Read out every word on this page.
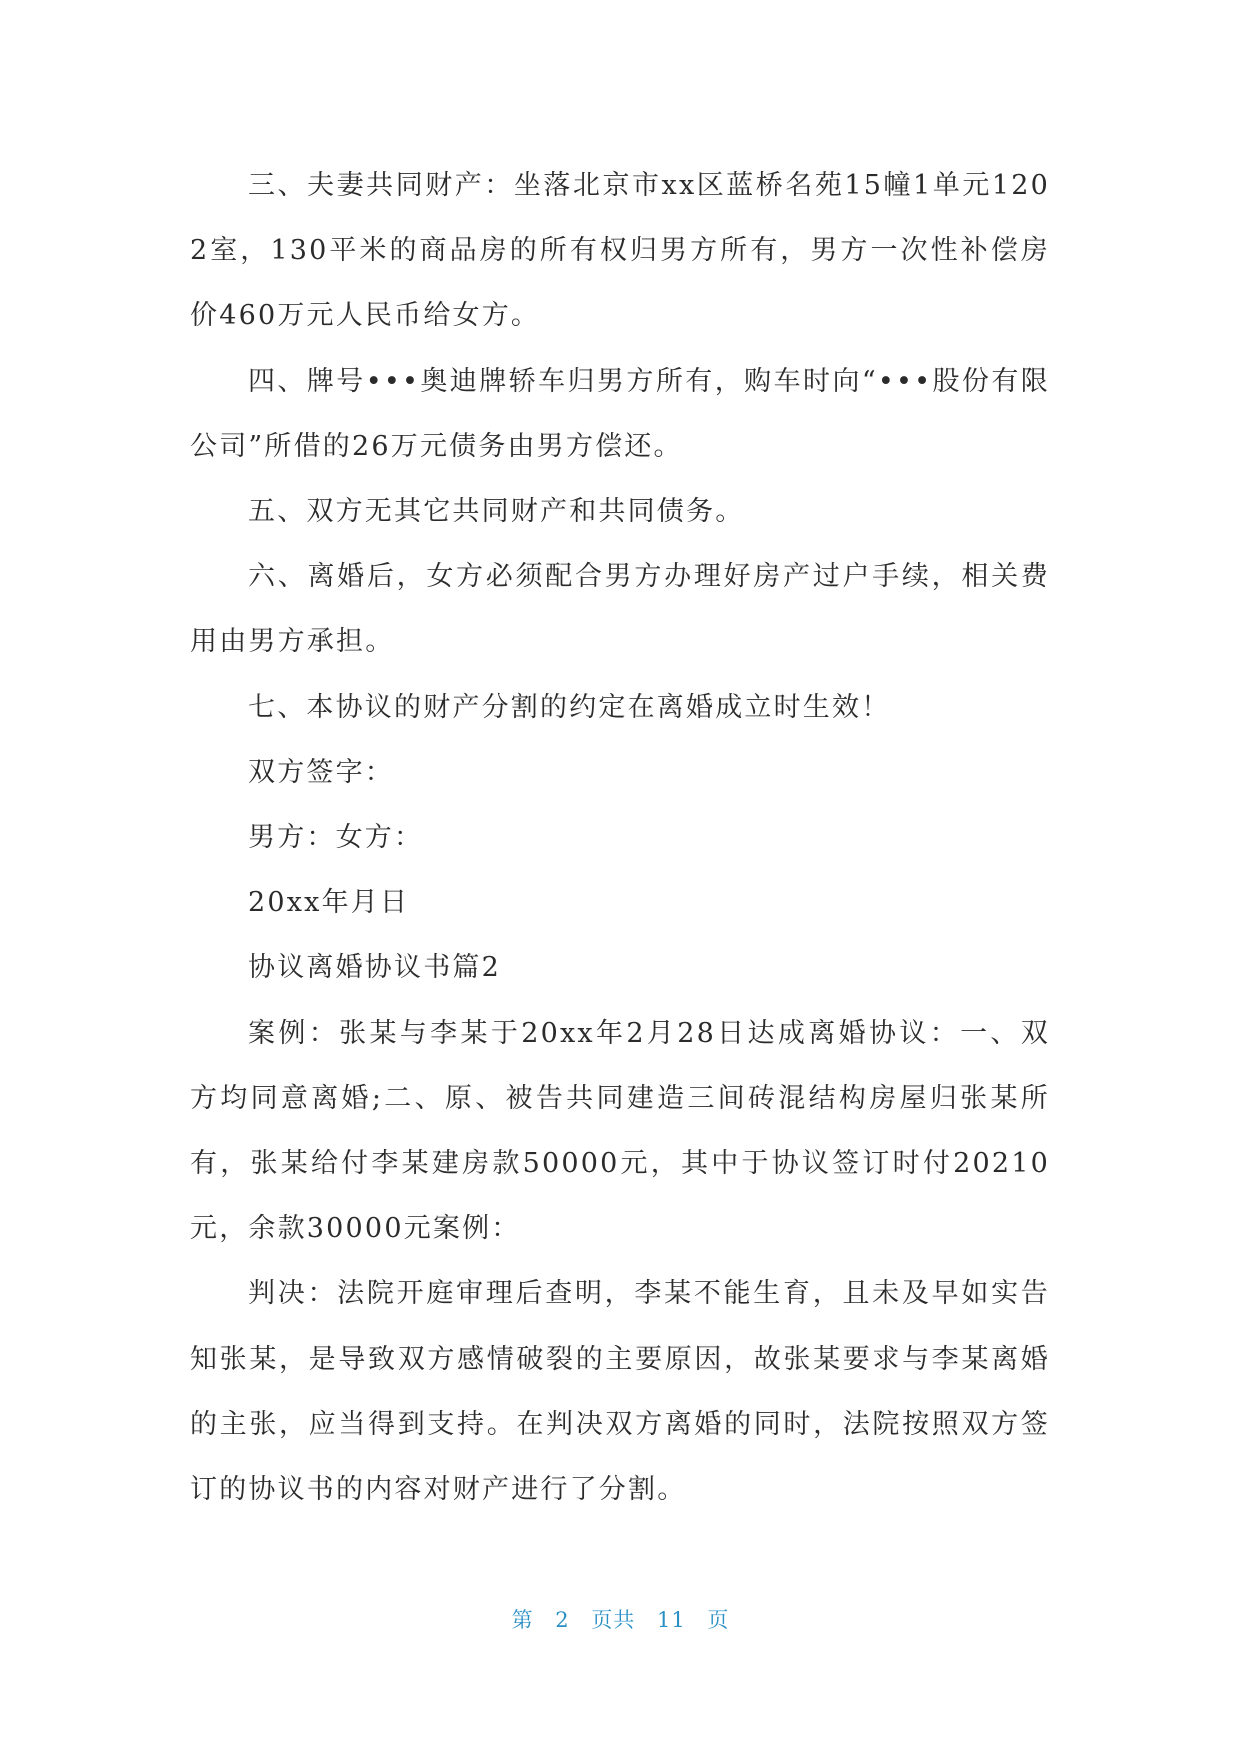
三、夫妻共同财产：坐落北京市xx区蓝桥名苑15幢1单元1202室，130平米的商品房的所有权归男方所有，男方一次性补偿房价460万元人民币给女方。

四、牌号•••奥迪牌轿车归男方所有，购车时向“•••股份有限公司”所借的26万元债务由男方偿还。

五、双方无其它共同财产和共同债务。

六、离婚后，女方必须配合男方办理好房产过户手续，相关费用由男方承担。

七、本协议的财产分割的约定在离婚成立时生效！

双方签字：

男方：女方：

20xx年月日

协议离婚协议书篇2

案例：张某与李某于20xx年2月28日达成离婚协议：一、双方均同意离婚;二、原、被告共同建造三间砖混结构房屋归张某所有，张某给付李某建房款50000元，其中于协议签订时付20210元，余款30000元案例：

判决：法院开庭审理后查明，李某不能生育，且未及早如实告知张某，是导致双方感情破裂的主要原因，故张某要求与李某离婚的主张，应当得到支持。在判决双方离婚的同时，法院按照双方签订的协议书的内容对财产进行了分割。

第 2 页共 11 页
